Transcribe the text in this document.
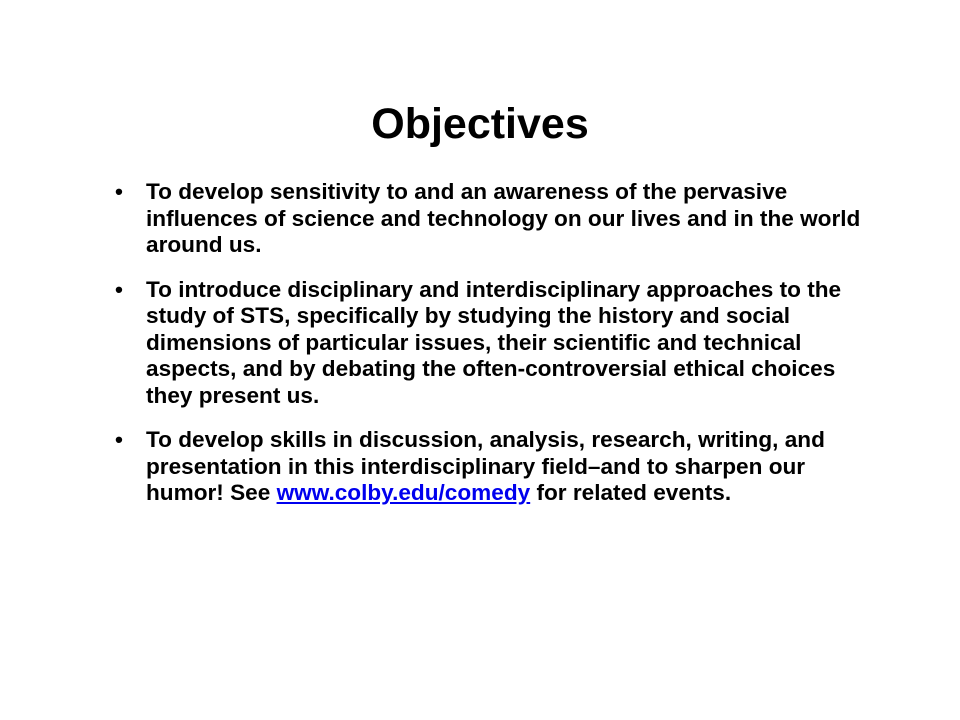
Objectives
• To develop sensitivity to and an awareness of the pervasive influences of science and technology on our lives and in the world around us.
• To introduce disciplinary and interdisciplinary approaches to the study of STS, specifically by studying the history and social dimensions of particular issues, their scientific and technical aspects, and by debating the often-controversial ethical choices they present us.
• To develop skills in discussion, analysis, research, writing, and presentation in this interdisciplinary field–and to sharpen our humor! See www.colby.edu/comedy for related events.
